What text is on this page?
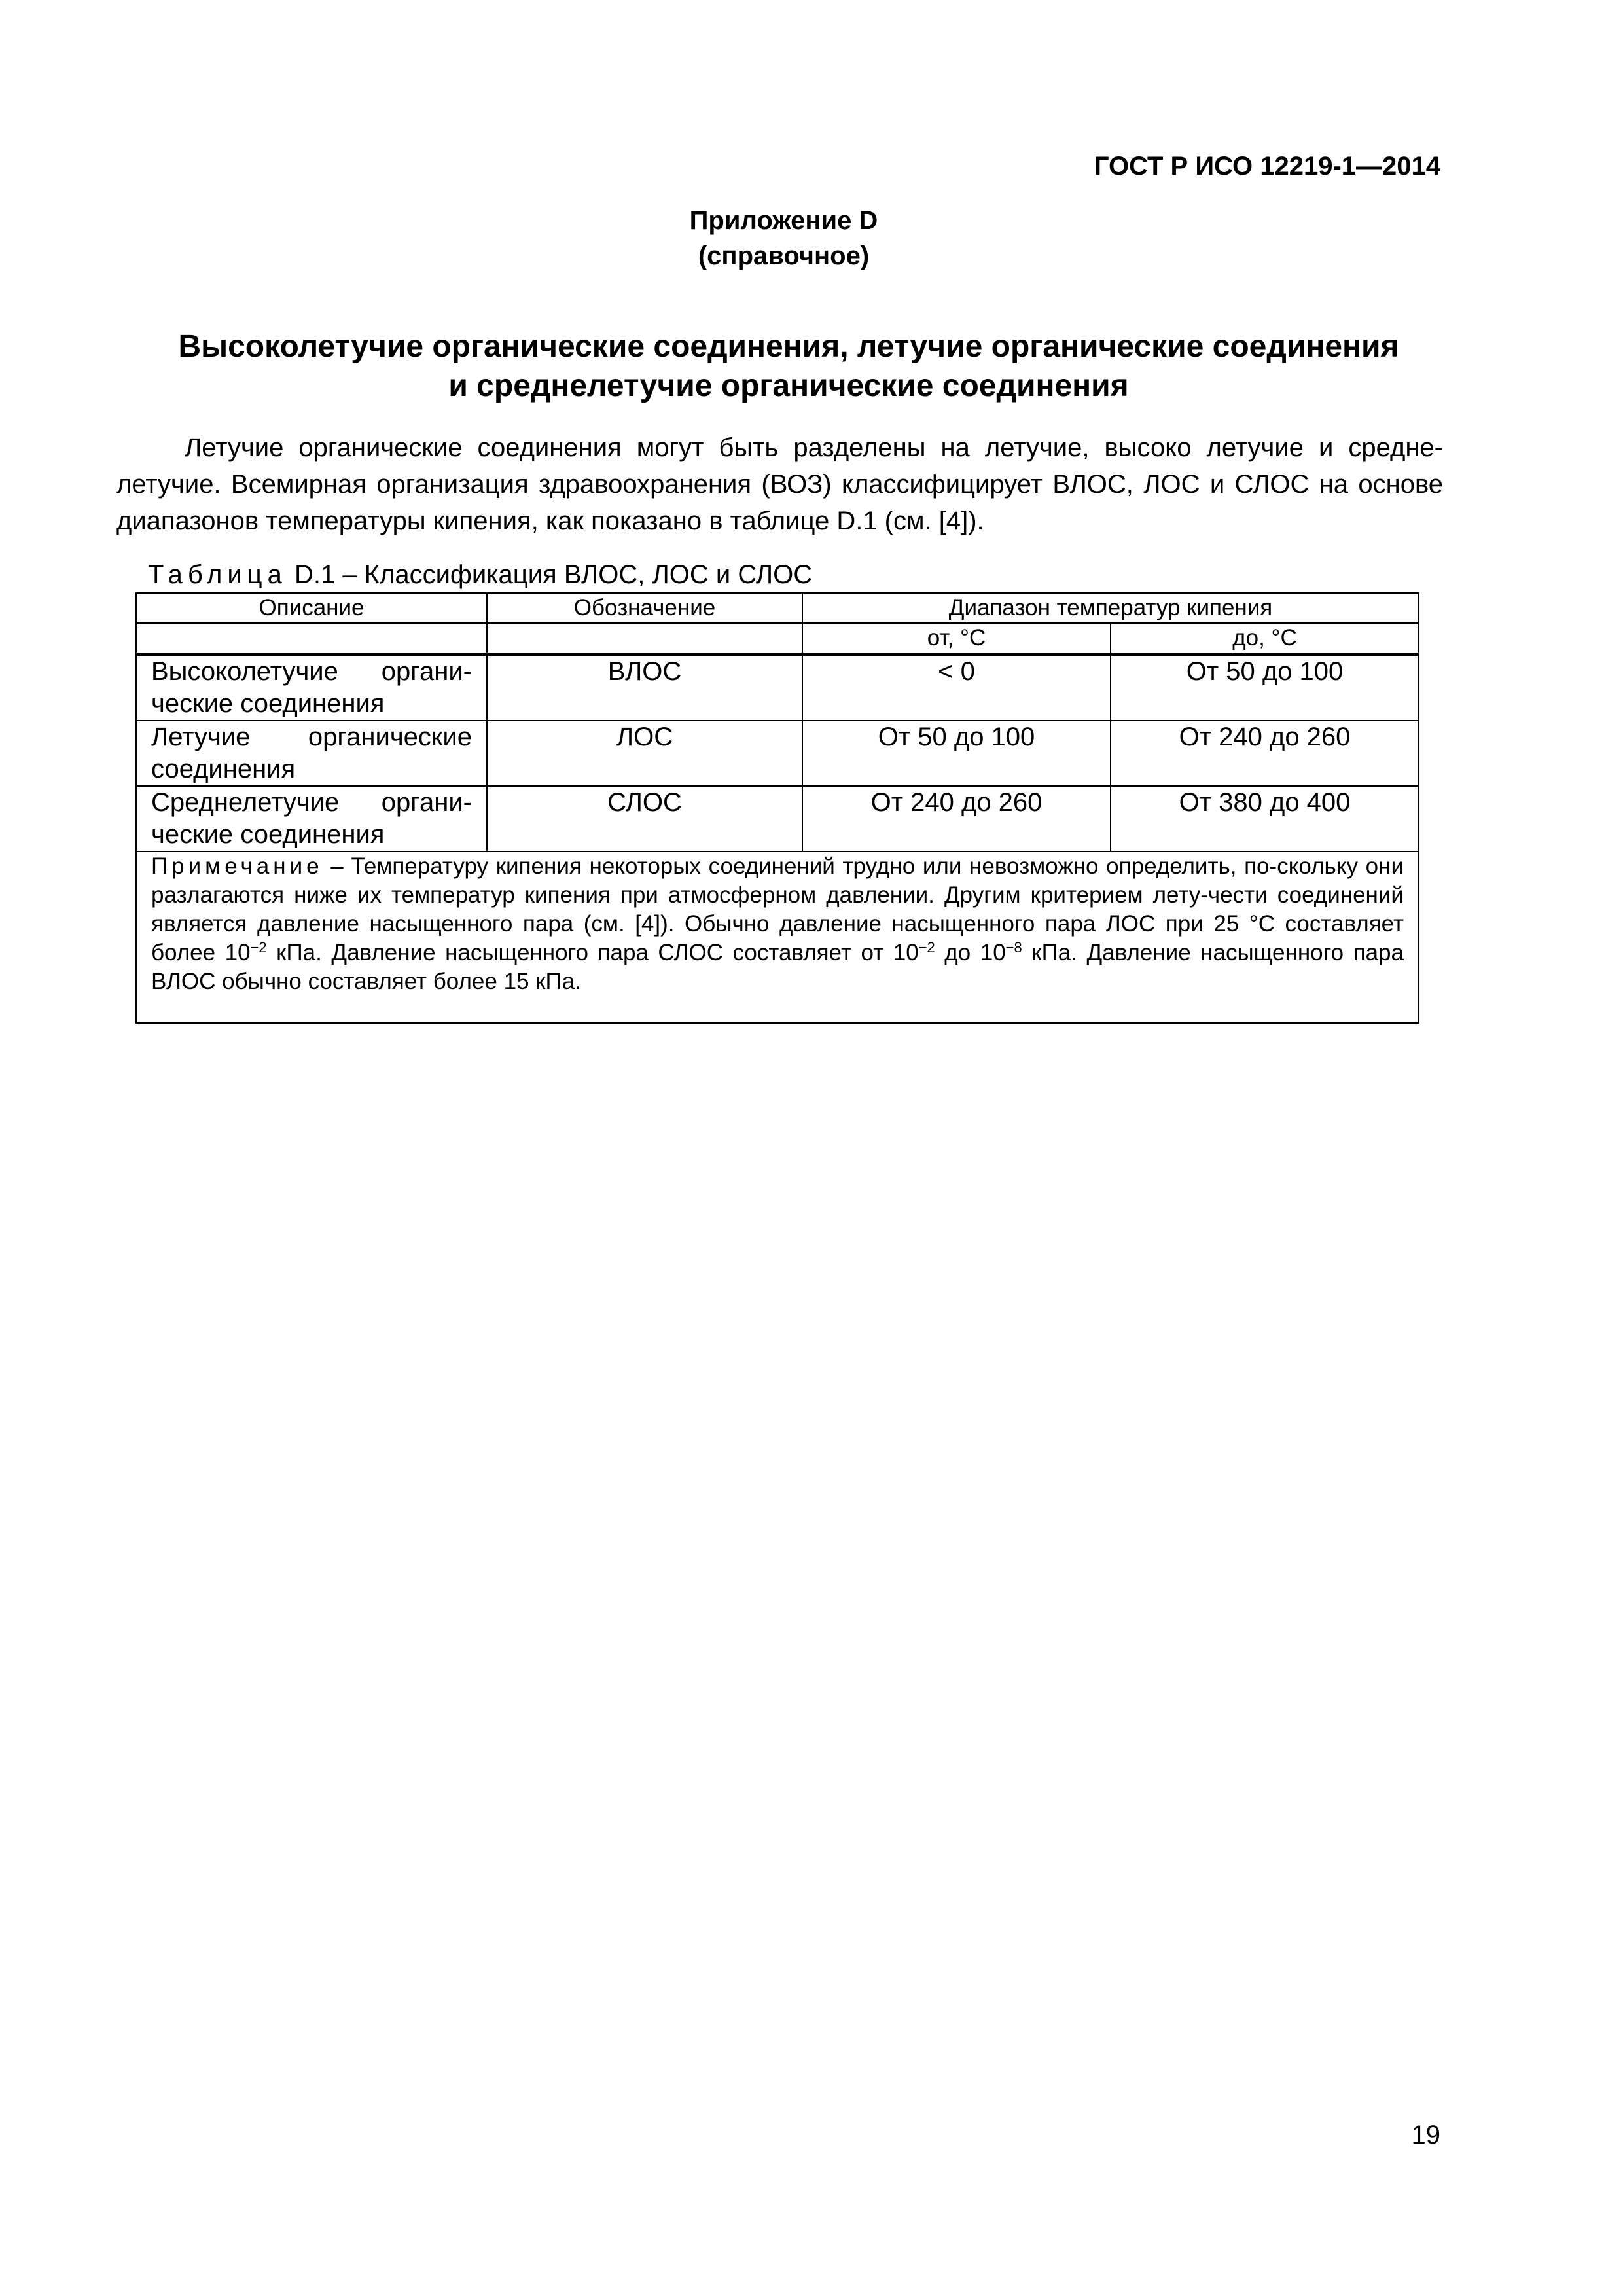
ГОСТ Р ИСО 12219-1—2014
Приложение D
(справочное)
Высоколетучие органические соединения, летучие органические соединения
и среднелетучие органические соединения
Летучие органические соединения могут быть разделены на летучие, высоко летучие и средне-летучие. Всемирная организация здравоохранения (ВОЗ) классифицирует ВЛОС, ЛОС и СЛОС на основе диапазонов температуры кипения, как показано в таблице D.1 (см. [4]).
Таблица D.1 – Классификация ВЛОС, ЛОС и СЛОС
Описание	Обозначение	Диапазон температур кипения	
		от, °С	до, °С
Высоколетучие органи-ческие соединения	ВЛОС	< 0	От 50 до 100
Летучие органические соединения	ЛОС	От 50 до 100	От 240 до 260
Среднелетучие органи-ческие соединения	СЛОС	От 240 до 260	От 380 до 400
Примечание – Температуру кипения некоторых соединений трудно или невозможно определить, по-скольку они разлагаются ниже их температур кипения при атмосферном давлении. Другим критерием лету-чести соединений является давление насыщенного пара (см. [4]). Обычно давление насыщенного пара ЛОС при 25 °С составляет более $10^{-2}$ кПа. Давление насыщенного пара СЛОС составляет от $10^{-2}$ до $10^{-8}$ кПа. Давление насыщенного пара ВЛОС обычно составляет более 15 кПа.			
19
